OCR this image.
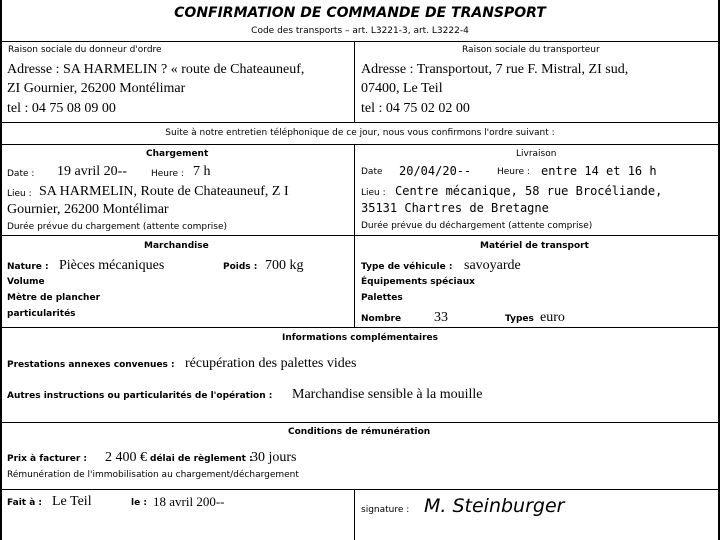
CONFIRMATION DE COMMANDE DE TRANSPORT
Code des transports – art. L3221-3, art. L3222-4
Raison sociale du donneur d'ordre
Adresse : SA HARMELIN ? « route de Chateauneuf,
ZI Gournier, 26200 Montélimar
tel : 04 75 08 09 00
Raison sociale du transporteur
Adresse : Transportout, 7 rue F. Mistral, ZI sud,
07400, Le Teil
tel : 04 75 02 02 00
Suite à notre entretien téléphonique de ce jour, nous vous confirmons l'ordre suivant :
Chargement
Date : 19 avril 20--	Heure : 7 h
Lieu : SA HARMELIN, Route de Chateauneuf, Z I
Gournier, 26200 Montélimar
Durée prévue du chargement (attente comprise)
Livraison
Date 20/04/20--	Heure : entre 14 et 16 h
Lieu : Centre mécanique, 58 rue Brocéliande,
35131 Chartres de Bretagne
Durée prévue du déchargement (attente comprise)
Marchandise
Nature : Pièces mécaniques	Poids : 700 kg
Volume
Mètre de plancher
particularités
Matériel de transport
Type de véhicule : savoyarde
Équipements spéciaux
Palettes
Nombre 33	Types euro
Informations complémentaires
Prestations annexes convenues : récupération des palettes vides
Autres instructions ou particularités de l'opération : Marchandise sensible à la mouille
Conditions de rémunération
Prix à facturer : 2 400 € délai de règlement :
30 jours
Rémunération de l'immobilisation au chargement/déchargement
Fait à : Le Teil	le : 18 avril 200--
signature : M. Steinburger
